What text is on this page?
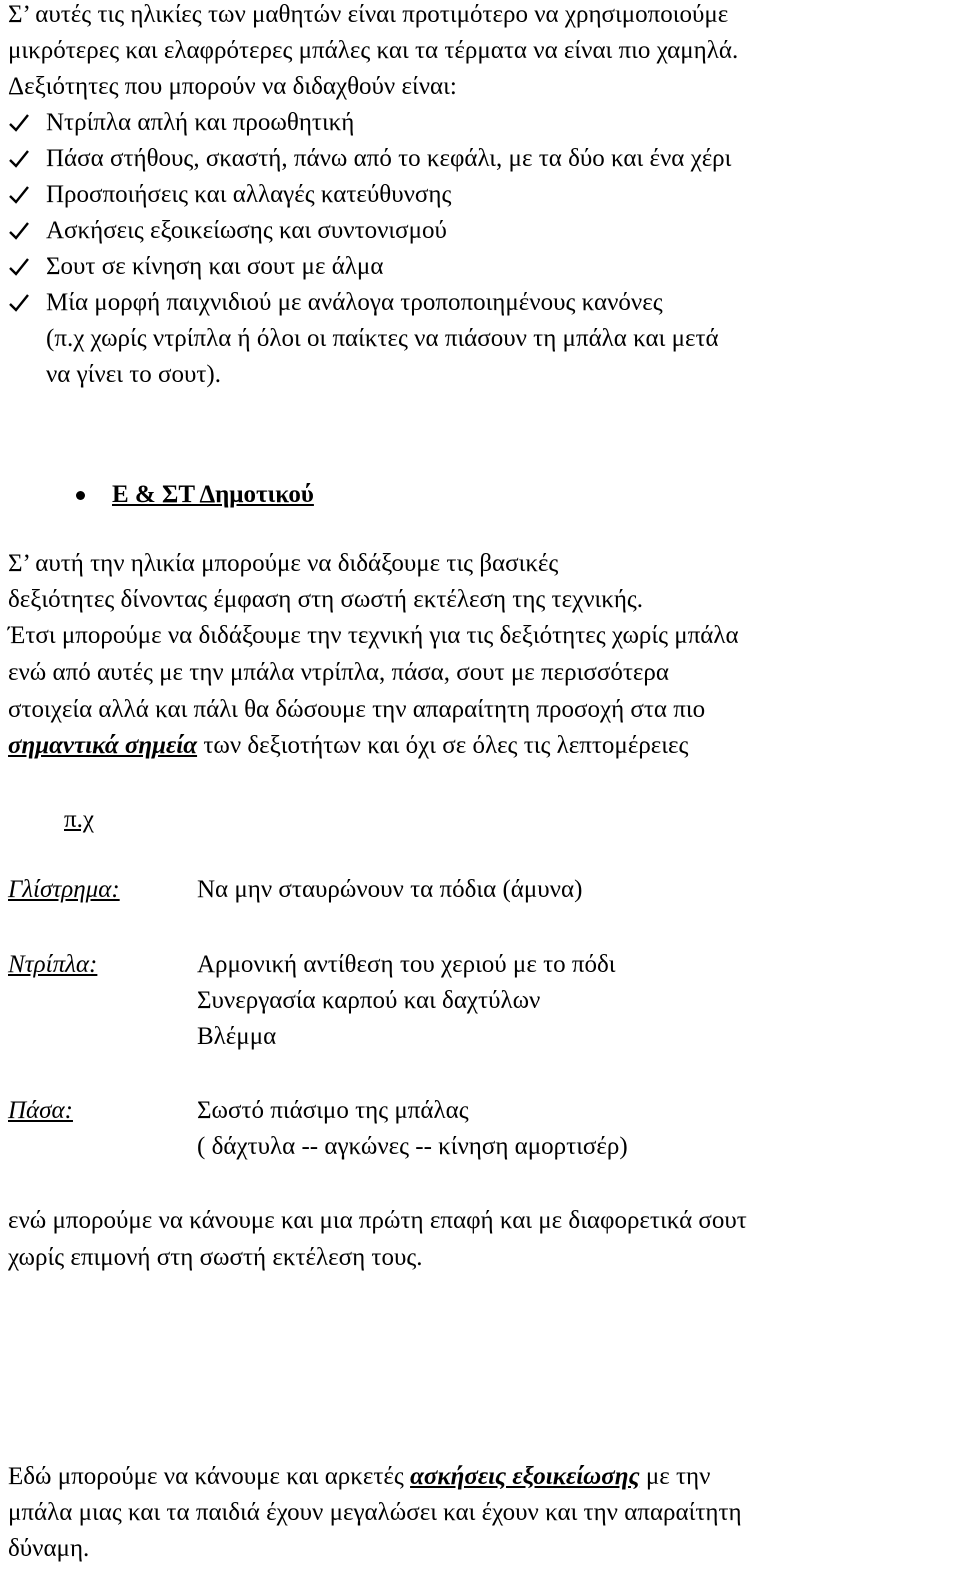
Σ’ αυτές τις ηλικίες των μαθητών είναι προτιμότερο να χρησιμοποιούμε
μικρότερες και ελαφρότερες μπάλες και τα τέρματα να είναι πιο χαμηλά.
Δεξιότητες που μπορούν να διδαχθούν είναι:
Ντρίπλα απλή και προωθητική
Πάσα στήθους, σκαστή, πάνω από το κεφάλι, με τα δύο και ένα χέρι
Προσποιήσεις και αλλαγές κατεύθυνσης
Ασκήσεις εξοικείωσης και συντονισμού
Σουτ σε κίνηση και σουτ με άλμα
Μία μορφή παιχνιδιού με ανάλογα τροποποιημένους κανόνες
(π.χ χωρίς ντρίπλα ή όλοι οι παίκτες να πιάσουν τη μπάλα και μετά
να γίνει το σουτ).
Ε & ΣΤ Δημοτικού
Σ’ αυτή την ηλικία μπορούμε να διδάξουμε τις βασικές
δεξιότητες δίνοντας έμφαση στη σωστή εκτέλεση της τεχνικής.
Έτσι μπορούμε να διδάξουμε την τεχνική για τις δεξιότητες χωρίς μπάλα
ενώ από αυτές με την μπάλα ντρίπλα, πάσα, σουτ με περισσότερα
στοιχεία αλλά και πάλι θα δώσουμε την απαραίτητη προσοχή στα πιο
σημαντικά σημεία των δεξιοτήτων και όχι σε όλες τις λεπτομέρειες
π.χ
Γλίστρημα:	Να μην σταυρώνουν τα πόδια (άμυνα)
Ντρίπλα:	Αρμονική αντίθεση του χεριού με το πόδι
Συνεργασία καρπού και δαχτύλων
Βλέμμα
Πάσα:	Σωστό πιάσιμο της μπάλας
( δάχτυλα -- αγκώνες -- κίνηση αμορτισέρ)
ενώ μπορούμε να κάνουμε και μια πρώτη επαφή και με διαφορετικά σουτ
χωρίς επιμονή στη σωστή εκτέλεση τους.
Εδώ μπορούμε να κάνουμε και αρκετές ασκήσεις εξοικείωσης με την
μπάλα μιας και τα παιδιά έχουν μεγαλώσει και έχουν και την απαραίτητη
δύναμη.
